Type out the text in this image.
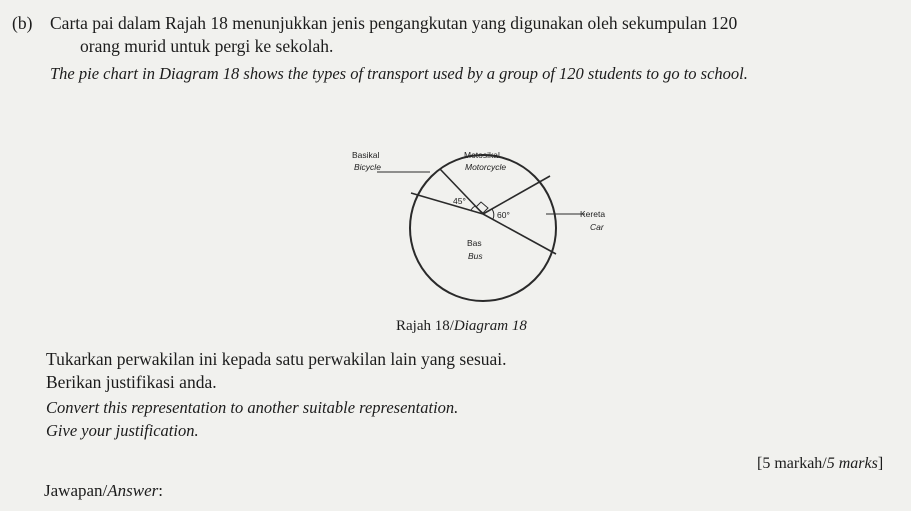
(b) Carta pai dalam Rajah 18 menunjukkan jenis pengangkutan yang digunakan oleh sekumpulan 120
orang murid untuk pergi ke sekolah.
The pie chart in Diagram 18 shows the types of transport used by a group of 120 students to go to school.
45°
60°
Basikal
Bicycle
Motosikal
Motorcycle
Kereta
Car
Bas
Bus
Rajah 18/Diagram 18
Tukarkan perwakilan ini kepada satu perwakilan lain yang sesuai.
Berikan justifikasi anda.
Convert this representation to another suitable representation.
Give your justification.
[5 markah/5 marks]
Jawapan/Answer:
